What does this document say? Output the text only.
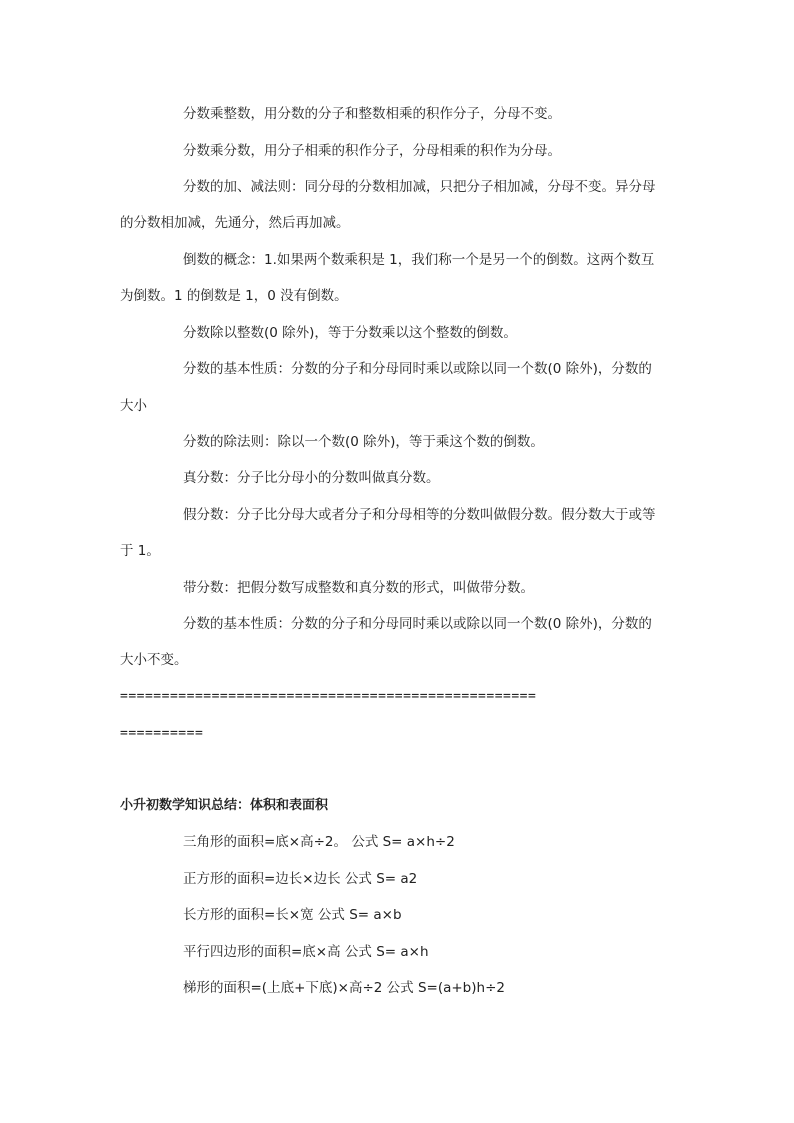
分数乘整数，用分数的分子和整数相乘的积作分子，分母不变。
分数乘分数，用分子相乘的积作分子，分母相乘的积作为分母。
分数的加、减法则：同分母的分数相加减，只把分子相加减，分母不变。异分母
的分数相加减，先通分，然后再加减。
倒数的概念：1.如果两个数乘积是 1，我们称一个是另一个的倒数。这两个数互
为倒数。1 的倒数是 1，0 没有倒数。
分数除以整数(0 除外)，等于分数乘以这个整数的倒数。
分数的基本性质：分数的分子和分母同时乘以或除以同一个数(0 除外)，分数的
大小
分数的除法则：除以一个数(0 除外)，等于乘这个数的倒数。
真分数：分子比分母小的分数叫做真分数。
假分数：分子比分母大或者分子和分母相等的分数叫做假分数。假分数大于或等
于 1。
带分数：把假分数写成整数和真分数的形式，叫做带分数。
分数的基本性质：分数的分子和分母同时乘以或除以同一个数(0 除外)，分数的
大小不变。
==================================================
==========
小升初数学知识总结：体积和表面积
三角形的面积=底×高÷2。 公式 S= a×h÷2
正方形的面积=边长×边长 公式 S= a2
长方形的面积=长×宽 公式 S= a×b
平行四边形的面积=底×高 公式 S= a×h
梯形的面积=(上底+下底)×高÷2 公式 S=(a+b)h÷2
